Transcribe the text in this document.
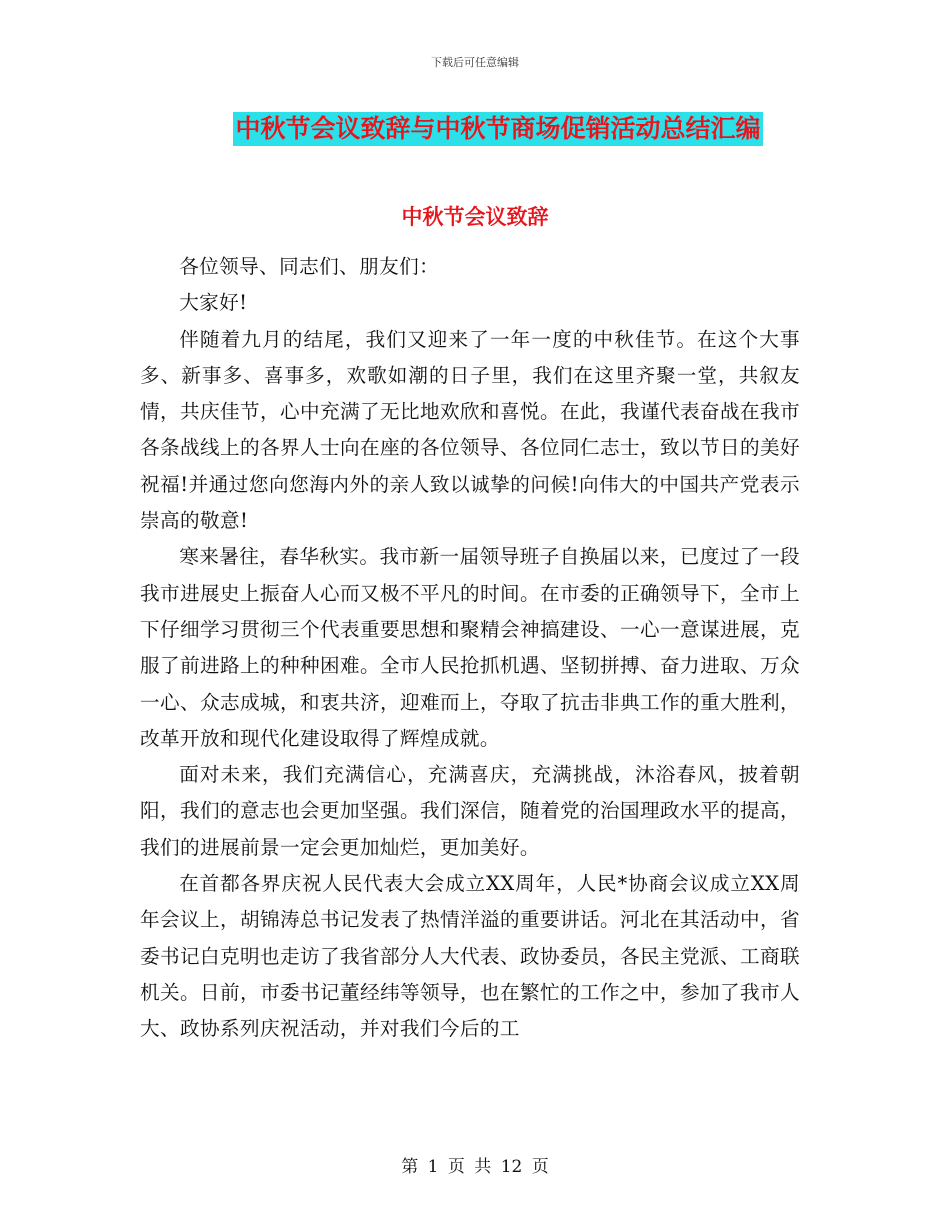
下载后可任意编辑
中秋节会议致辞与中秋节商场促销活动总结汇编
中秋节会议致辞

各位领导、同志们、朋友们：

大家好!

伴随着九月的结尾，我们又迎来了一年一度的中秋佳节。在这个大事多、新事多、喜事多，欢歌如潮的日子里，我们在这里齐聚一堂，共叙友情，共庆佳节，心中充满了无比地欢欣和喜悦。在此，我谨代表奋战在我市各条战线上的各界人士向在座的各位领导、各位同仁志士，致以节日的美好祝福!并通过您向您海内外的亲人致以诚挚的问候!向伟大的中国共产党表示崇高的敬意!

寒来暑往，春华秋实。我市新一届领导班子自换届以来，已度过了一段我市进展史上振奋人心而又极不平凡的时间。在市委的正确领导下，全市上下仔细学习贯彻三个代表重要思想和聚精会神搞建设、一心一意谋进展，克服了前进路上的种种困难。全市人民抢抓机遇、坚韧拼搏、奋力进取、万众一心、众志成城，和衷共济，迎难而上，夺取了抗击非典工作的重大胜利，改革开放和现代化建设取得了辉煌成就。

面对未来，我们充满信心，充满喜庆，充满挑战，沐浴春风，披着朝阳，我们的意志也会更加坚强。我们深信，随着党的治国理政水平的提高，我们的进展前景一定会更加灿烂，更加美好。

在首都各界庆祝人民代表大会成立XX周年，人民*协商会议成立XX周年会议上，胡锦涛总书记发表了热情洋溢的重要讲话。河北在其活动中，省委书记白克明也走访了我省部分人大代表、政协委员，各民主党派、工商联机关。日前，市委书记董经纬等领导，也在繁忙的工作之中，参加了我市人大、政协系列庆祝活动，并对我们今后的工

第 1 页 共 12 页
